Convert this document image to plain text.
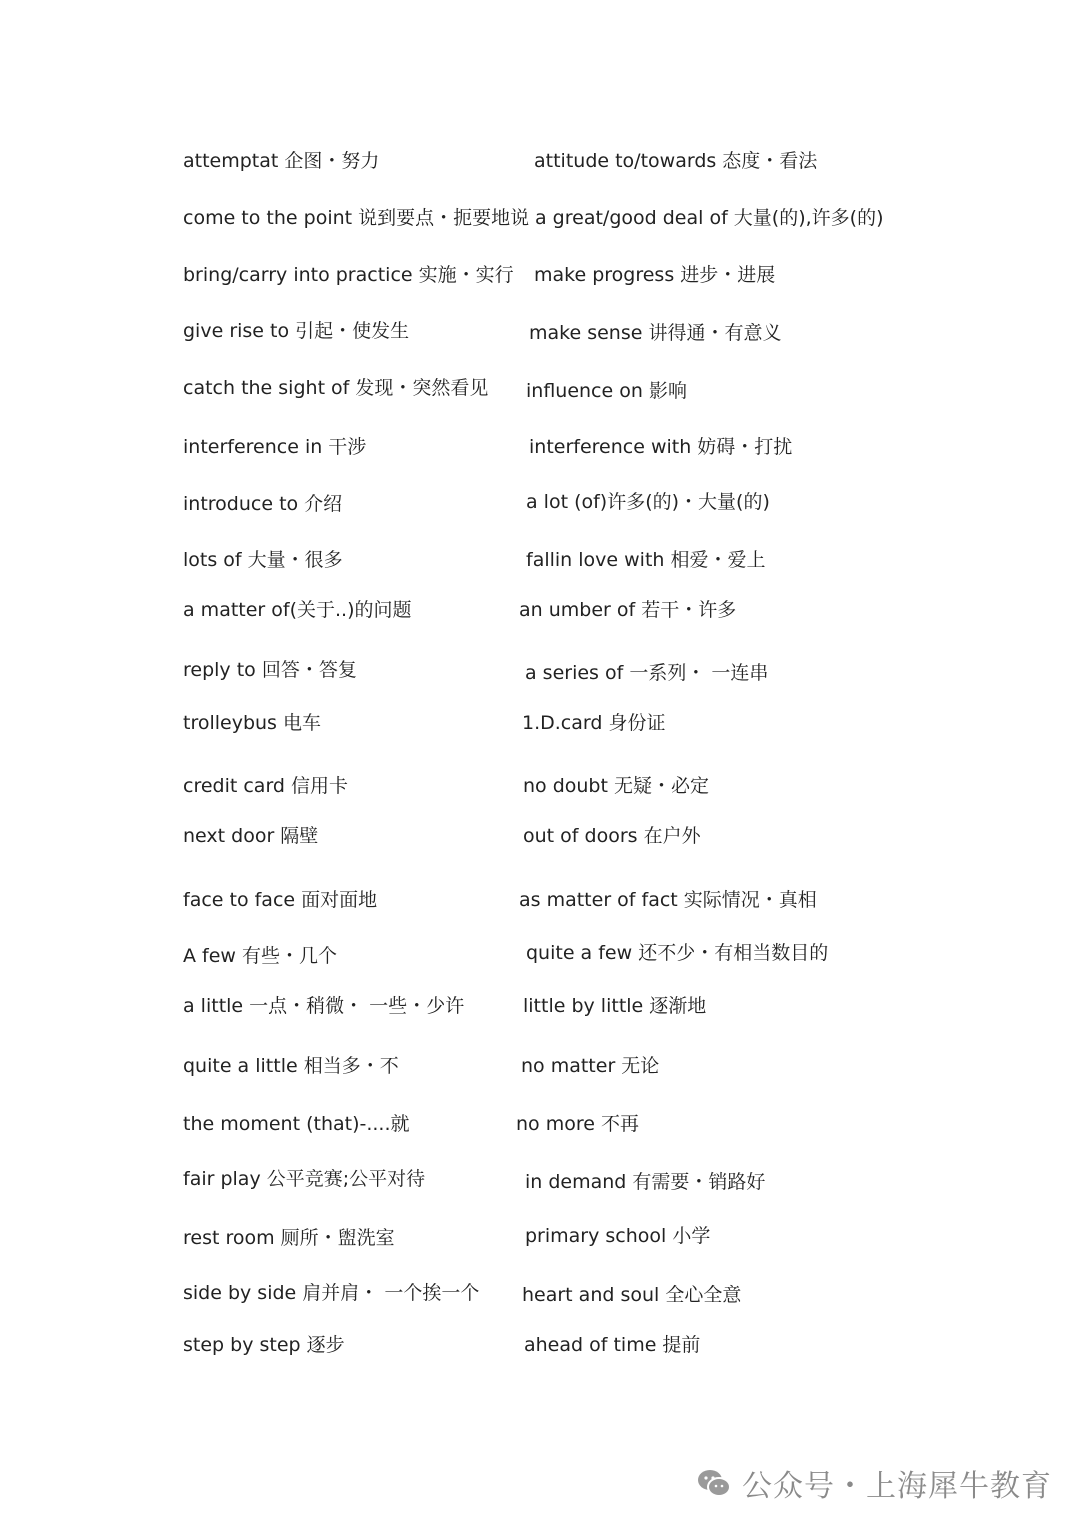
attemptat 企图・努力
come to the point 说到要点・扼要地说
bring/carry into practice 实施・实行
give rise to 引起・使发生
catch the sight of 发现・突然看见
interference in 干涉
introduce to 介绍
lots of 大量・很多
a matter of(关于..)的问题
reply to 回答・答复
trolleybus 电车
credit card 信用卡
next door 隔壁
face to face 面对面地
A few 有些・几个
a little 一点・稍微・ 一些・少许
quite a little 相当多・不
the moment (that)-....就
fair play 公平竞赛;公平对待
rest room 厕所・盥洗室
side by side 肩并肩・ 一个挨一个
step by step 逐步
attitude to/towards 态度・看法
a great/good deal of 大量(的),许多(的)
make progress 进步・进展
make sense 讲得通・有意义
influence on 影响
interference with 妨碍・打扰
a lot (of)许多(的)・大量(的)
fallin love with 相爱・爱上
an umber of 若干・许多
a series of 一系列・ 一连串
1.D.card 身份证
no doubt 无疑・必定
out of doors 在户外
as matter of fact 实际情况・真相
quite a few 还不少・有相当数目的
little by little 逐渐地
no matter 无论
no more 不再
in demand 有需要・销路好
primary school 小学
heart and soul 全心全意
ahead of time 提前
公众号・上海犀牛教育
